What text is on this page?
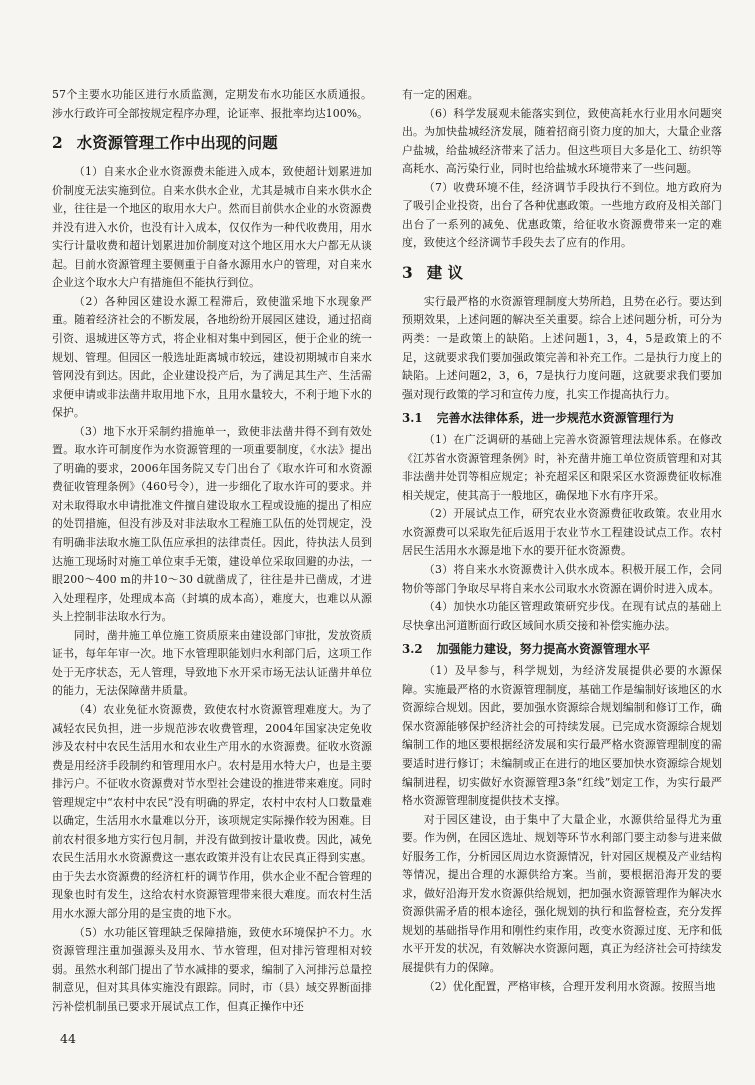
57个主要水功能区进行水质监测，定期发布水功能区水质通报。涉水行政许可全部按规定程序办理，论证率、报批率均达100%。

2 水资源管理工作中出现的问题

（1）自来水企业水资源费未能进入成本，致使超计划累进加价制度无法实施到位。自来水供水企业，尤其是城市自来水供水企业，往往是一个地区的取用水大户。然而目前供水企业的水资源费并没有进入水价，也没有计入成本，仅仅作为一种代收费用，用水实行计量收费和超计划累进加价制度对这个地区用水大户都无从谈起。目前水资源管理主要侧重于自备水源用水户的管理，对自来水企业这个取水大户有措施但不能执行到位。

（2）各种园区建设水源工程滞后，致使滥采地下水现象严重。随着经济社会的不断发展，各地纷纷开展园区建设，通过招商引资、退城进区等方式，将企业相对集中到园区，便于企业的统一规划、管理。但园区一般选址距离城市较远，建设初期城市自来水管网没有到达。因此，企业建设投产后，为了满足其生产、生活需求便申请或非法凿井取用地下水，且用水量较大，不利于地下水的保护。

（3）地下水开采制约措施单一，致使非法凿井得不到有效处置。取水许可制度作为水资源管理的一项重要制度，《水法》提出了明确的要求，2006年国务院又专门出台了《取水许可和水资源费征收管理条例》（460号令），进一步细化了取水许可的要求。并对未取得取水申请批准文件擅自建设取水工程或设施的提出了相应的处罚措施，但没有涉及对非法取水工程施工队伍的处罚规定，没有明确非法取水施工队伍应承担的法律责任。因此，待执法人员到达施工现场时对施工单位束手无策，建设单位采取回避的办法，一眼200～400 m的井10～30 d就凿成了，往往是井已凿成，才进入处理程序，处理成本高（封填的成本高），难度大，也难以从源头上控制非法取水行为。

同时，凿井施工单位施工资质原来由建设部门审批，发放资质证书，每年年审一次。地下水管理职能划归水利部门后，这项工作处于无序状态，无人管理，导致地下水开采市场无法认证凿井单位的能力，无法保障凿井质量。

（4）农业免征水资源费，致使农村水资源管理难度大。为了减轻农民负担，进一步规范涉农收费管理，2004年国家决定免收涉及农村中农民生活用水和农业生产用水的水资源费。征收水资源费是用经济手段制约和管理用水户。农村是用水特大户，也是主要排污户。不征收水资源费对节水型社会建设的推进带来难度。同时管理规定中“农村中农民”没有明确的界定，农村中农村人口数量难以确定，生活用水水量难以分开，该项规定实际操作较为困难。目前农村很多地方实行包月制，并没有做到按计量收费。因此，减免农民生活用水水资源费这一惠农政策并没有让农民真正得到实惠。由于失去水资源费的经济杠杆的调节作用，供水企业不配合管理的现象也时有发生，这给农村水资源管理带来很大难度。而农村生活用水水源大部分用的是宝贵的地下水。

（5）水功能区管理缺乏保障措施，致使水环境保护不力。水资源管理注重加强源头及用水、节水管理，但对排污管理相对较弱。虽然水利部门提出了节水减排的要求，编制了入河排污总量控制意见，但对其具体实施没有跟踪。同时，市（县）域交界断面排污补偿机制虽已要求开展试点工作，但真正操作中还

有一定的困难。

（6）科学发展观未能落实到位，致使高耗水行业用水问题突出。为加快盐城经济发展，随着招商引资力度的加大，大量企业落户盐城，给盐城经济带来了活力。但这些项目大多是化工、纺织等高耗水、高污染行业，同时也给盐城水环境带来了一些问题。

（7）收费环境不佳，经济调节手段执行不到位。地方政府为了吸引企业投资，出台了各种优惠政策。一些地方政府及相关部门出台了一系列的减免、优惠政策，给征收水资源费带来一定的难度，致使这个经济调节手段失去了应有的作用。

3 建 议

实行最严格的水资源管理制度大势所趋，且势在必行。要达到预期效果，上述问题的解决至关重要。综合上述问题分析，可分为两类：一是政策上的缺陷。上述问题1，3，4，5是政策上的不足，这就要求我们要加强政策完善和补充工作。二是执行力度上的缺陷。上述问题2，3，6，7是执行力度问题，这就要求我们要加强对现行政策的学习和宣传力度，扎实工作提高执行力。

3.1 完善水法律体系，进一步规范水资源管理行为

（1）在广泛调研的基础上完善水资源管理法规体系。在修改《江苏省水资源管理条例》时，补充凿井施工单位资质管理和对其非法凿井处罚等相应规定；补充超采区和限采区水资源费征收标准相关规定，使其高于一般地区，确保地下水有序开采。

（2）开展试点工作，研究农业水资源费征收政策。农业用水水资源费可以采取先征后返用于农业节水工程建设试点工作。农村居民生活用水水源是地下水的要开征水资源费。

（3）将自来水水资源费计入供水成本。积极开展工作，会同物价等部门争取尽早将自来水公司取水水资源在调价时进入成本。

（4）加快水功能区管理政策研究步伐。在现有试点的基础上尽快拿出河道断面行政区域间水质交接和补偿实施办法。

3.2 加强能力建设，努力提高水资源管理水平

（1）及早参与，科学规划，为经济发展提供必要的水源保障。实施最严格的水资源管理制度，基础工作是编制好该地区的水资源综合规划。因此，要加强水资源综合规划编制和修订工作，确保水资源能够保护经济社会的可持续发展。已完成水资源综合规划编制工作的地区要根据经济发展和实行最严格水资源管理制度的需要适时进行修订；未编制或正在进行的地区要加快水资源综合规划编制进程，切实做好水资源管理3条“红线”划定工作，为实行最严格水资源管理制度提供技术支撑。

对于园区建设，由于集中了大量企业，水源供给显得尤为重要。作为例，在园区选址、规划等环节水利部门要主动参与进来做好服务工作，分析园区周边水资源情况，针对园区规模及产业结构等情况，提出合理的水源供给方案。当前，要根据沿海开发的要求，做好沿海开发水资源供给规划，把加强水资源管理作为解决水资源供需矛盾的根本途径，强化规划的执行和监督检查，充分发挥规划的基础指导作用和刚性约束作用，改变水资源过度、无序和低水平开发的状况，有效解决水资源问题，真正为经济社会可持续发展提供有力的保障。

（2）优化配置，严格审核，合理开发利用水资源。按照当地

44
